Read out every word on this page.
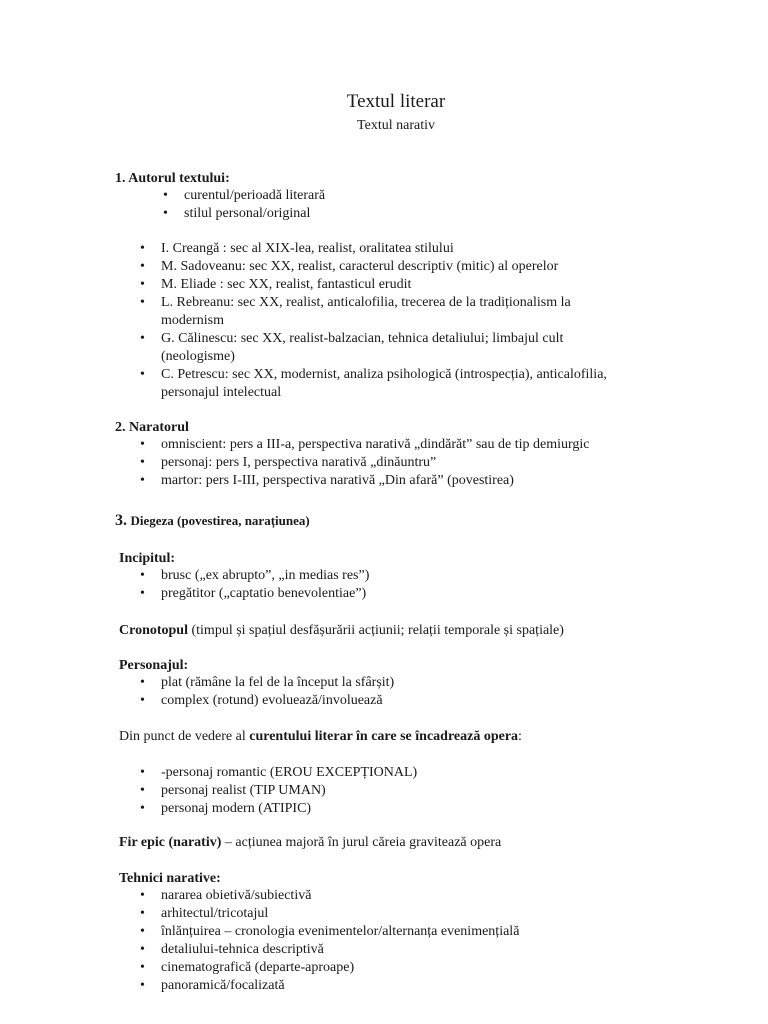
Textul literar
Textul narativ
1. Autorul textului:
• curentul/perioadă literară
• stilul personal/original
• I. Creangă : sec al XIX-lea, realist, oralitatea stilului
• M. Sadoveanu: sec XX, realist, caracterul descriptiv (mitic) al operelor
• M. Eliade : sec XX, realist, fantasticul erudit
• L. Rebreanu: sec XX, realist, anticalofilia, trecerea de la tradiționalism la modernism
• G. Călinescu: sec XX, realist-balzacian, tehnica detaliului; limbajul cult (neologisme)
• C. Petrescu: sec XX, modernist, analiza psihologică (introspecția), anticalofilia, personajul intelectual
2. Naratorul
• omniscient: pers a III-a, perspectiva narativă „dindărăt” sau de tip demiurgic
• personaj: pers I, perspectiva narativă „dinăuntru”
• martor: pers I-III, perspectiva narativă „Din afară” (povestirea)
3. Diegeza (povestirea, narațiunea)
Incipitul:
• brusc („ex abrupto”, „in medias res”)
• pregătitor („captatio benevolentiae”)
Cronotopul (timpul și spațiul desfășurării acțiunii; relații temporale și spațiale)
Personajul:
• plat (rămâne la fel de la început la sfârșit)
• complex (rotund) evoluează/involuează
Din punct de vedere al curentului literar în care se încadrează opera:
• -personaj romantic (EROU EXCEPȚIONAL)
• personaj realist (TIP UMAN)
• personaj modern (ATIPIC)
Fir epic (narativ) – acțiunea majoră în jurul căreia gravitează opera
Tehnici narative:
• nararea obietivă/subiectivă
• arhitectul/tricotajul
• înlănțuirea – cronologia evenimentelor/alternanța evenimențială
• detaliului-tehnica descriptivă
• cinematografică (departe-aproape)
• panoramică/focalizată
